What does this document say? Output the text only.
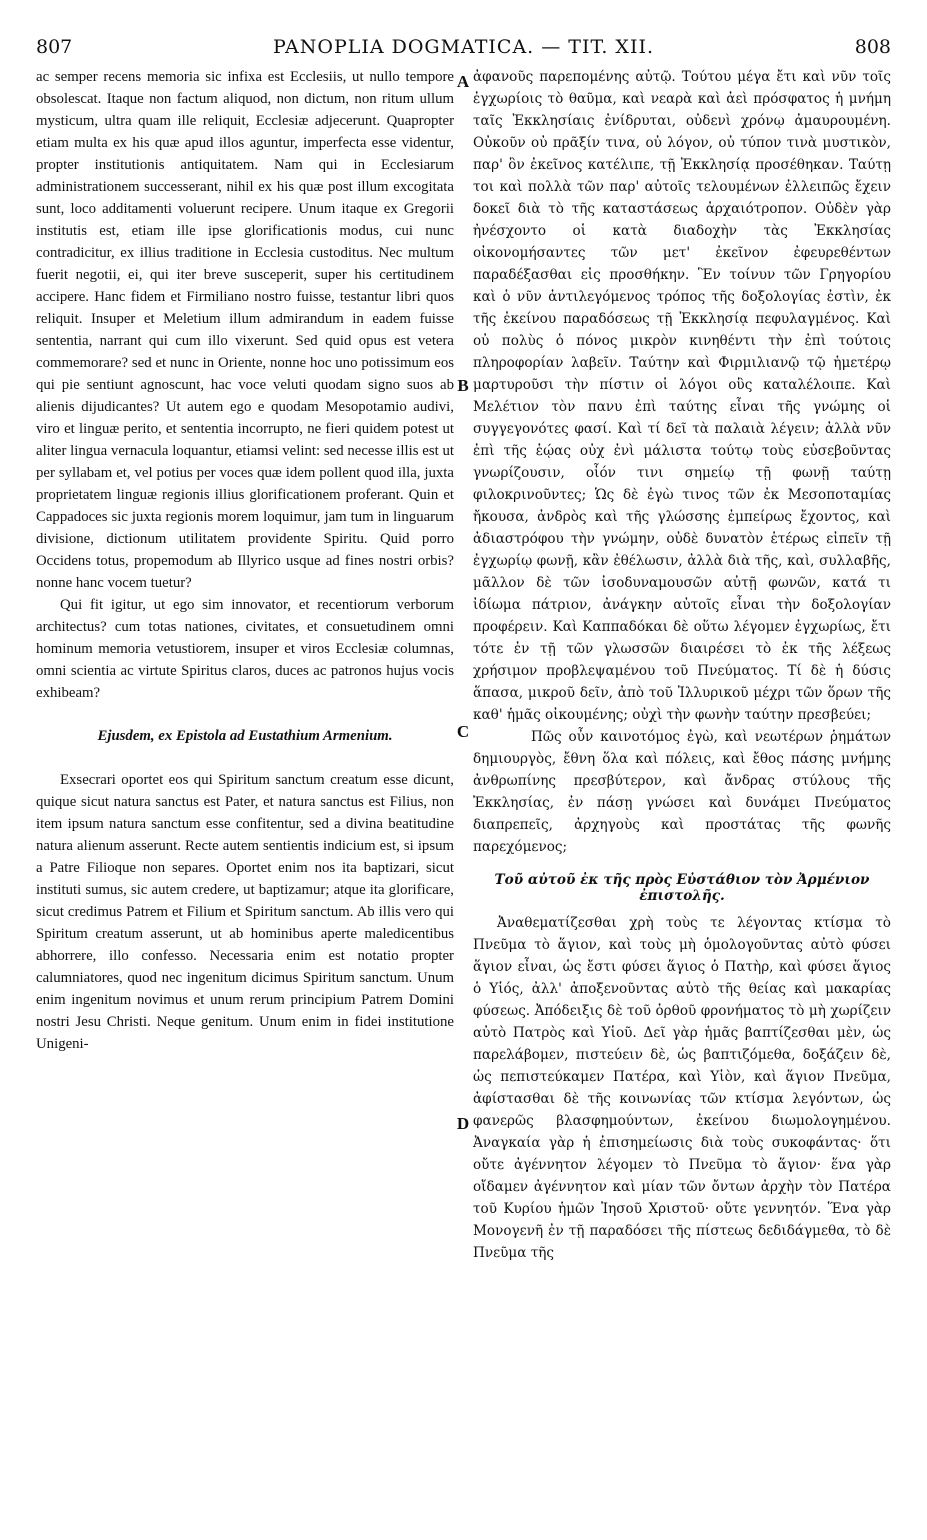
807	PANOPLIA DOGMATICA. — TIT. XII.	808

ac semper recens memoria sic infixa est Ecclesiis, ut nullo tempore obsolescat. Itaque non factum aliquod, non dictum, non ritum ullum mysticum, ultra quam ille reliquit, Ecclesiæ adjecerunt. Quapropter etiam multa ex his quæ apud illos aguntur, imperfecta esse videntur, propter institutionis antiquitatem. Nam qui in Ecclesiarum administrationem successerant, nihil ex his quæ post illum excogitata sunt, loco additamenti voluerunt recipere. Unum itaque ex Gregorii institutis est, etiam ille ipse glorificationis modus, cui nunc contradicitur, ex illius traditione in Ecclesia custoditus. Nec multum fuerit negotii, ei, qui iter breve susceperit, super his certitudinem accipere. Hanc fidem et Firmiliano nostro fuisse, testantur libri quos reliquit. Insuper et Meletium illum admirandum in eadem fuisse sententia, narrant qui cum illo vixerunt. Sed quid opus est vetera commemorare? sed et nunc in Oriente, nonne hoc uno potissimum eos qui pie sentiunt agnoscunt, hac voce veluti quodam signo suos ab alienis dijudicantes? Ut autem ego e quodam Mesopotamio audivi, viro et linguæ perito, et sententia incorrupto, ne fieri quidem potest ut aliter lingua vernacula loquantur, etiamsi velint: sed necesse illis est ut per syllabam et, vel potius per voces quæ idem pollent quod illa, juxta proprietatem linguæ regionis illius glorificationem proferant. Quin et Cappadoces sic juxta regionis morem loquimur, jam tum in linguarum divisione, dictionum utilitatem providente Spiritu. Quid porro Occidens totus, propemodum ab Illyrico usque ad fines nostri orbis? nonne hanc vocem tuetur?

Qui fit igitur, ut ego sim innovator, et recentiorum verborum architectus? cum totas nationes, civitates, et consuetudinem omni hominum memoria vetustiorem, insuper et viros Ecclesiæ columnas, omni scientia ac virtute Spiritus claros, duces ac patronos hujus vocis exhibeam?

Ejusdem, ex Epistola ad Eustathium Armenium.

Exsecrari oportet eos qui Spiritum sanctum creatum esse dicunt, quique sicut natura sanctus est Pater, et natura sanctus est Filius, non item ipsum natura sanctum esse confitentur, sed a divina beatitudine natura alienum asserunt. Recte autem sentientis indicium est, si ipsum a Patre Filioque non separes. Oportet enim nos ita baptizari, sicut instituti sumus, sic autem credere, ut baptizamur; atque ita glorificare, sicut credimus Patrem et Filium et Spiritum sanctum. Ab illis vero qui Spiritum creatum asserunt, ut ab hominibus aperte maledicentibus abhorrere, illo confesso. Necessaria enim est notatio propter calumniatores, quod nec ingenitum dicimus Spiritum sanctum. Unum enim ingenitum novimus et unum rerum principium Patrem Domini nostri Jesu Christi. Neque genitum. Unum enim in fidei institutione Unigeni-

A
B
C
D

ἀφανοῦς παρεπομένης αὐτῷ. Τούτου μέγα ἔτι καὶ νῦν τοῖς ἐγχωρίοις τὸ θαῦμα, καὶ νεαρὰ καὶ ἀεὶ πρόσφατος ἡ μνήμη ταῖς Ἐκκλησίαις ἐνίδρυται, οὐδενὶ χρόνῳ ἀμαυρουμένη. Οὐκοῦν οὐ πρᾶξίν τινα, οὐ λόγον, οὐ τύπον τινὰ μυστικὸν, παρ' ὃν ἐκεῖνος κατέλιπε, τῇ Ἐκκλησίᾳ προσέθηκαν. Ταύτῃ τοι καὶ πολλὰ τῶν παρ' αὐτοῖς τελουμένων ἐλλειπῶς ἔχειν δοκεῖ διὰ τὸ τῆς καταστάσεως ἀρχαιότροπον. Οὐδὲν γὰρ ἠνέσχοντο οἱ κατὰ διαδοχὴν τὰς Ἐκκλησίας οἰκονομήσαντες τῶν μετ' ἐκεῖνον ἐφευρεθέντων παραδέξασθαι εἰς προσθήκην. Ἓν τοίνυν τῶν Γρηγορίου καὶ ὁ νῦν ἀντιλεγόμενος τρόπος τῆς δοξολογίας ἐστὶν, ἐκ τῆς ἐκείνου παραδόσεως τῇ Ἐκκλησίᾳ πεφυλαγμένος. Καὶ οὐ πολὺς ὁ πόνος μικρὸν κινηθέντι τὴν ἐπὶ τούτοις πληροφορίαν λαβεῖν. Ταύτην καὶ Φιρμιλιανῷ τῷ ἡμετέρῳ μαρτυροῦσι τὴν πίστιν οἱ λόγοι οὓς καταλέλοιπε. Καὶ Μελέτιον τὸν πανυ ἐπὶ ταύτης εἶναι τῆς γνώμης οἱ συγγεγονότες φασί. Καὶ τί δεῖ τὰ παλαιὰ λέγειν; ἀλλὰ νῦν ἐπὶ τῆς ἑῴας οὐχ ἐνὶ μάλιστα τούτῳ τοὺς εὐσεβοῦντας γνωρίζουσιν, οἷόν τινι σημείῳ τῇ φωνῇ ταύτῃ φιλοκρινοῦντες; Ὡς δὲ ἐγὼ τινος τῶν ἐκ Μεσοποταμίας ἤκουσα, ἀνδρὸς καὶ τῆς γλώσσης ἐμπείρως ἔχοντος, καὶ ἀδιαστρόφου τὴν γνώμην, οὐδὲ δυνατὸν ἑτέρως εἰπεῖν τῇ ἐγχωρίῳ φωνῇ, κἂν ἐθέλωσιν, ἀλλὰ διὰ τῆς, καὶ, συλλαβῆς, μᾶλλον δὲ τῶν ἰσοδυναμουσῶν αὐτῇ φωνῶν, κατά τι ἰδίωμα πάτριον, ἀνάγκην αὐτοῖς εἶναι τὴν δοξολογίαν προφέρειν. Καὶ Καππαδόκαι δὲ οὕτω λέγομεν ἐγχωρίως, ἔτι τότε ἐν τῇ τῶν γλωσσῶν διαιρέσει τὸ ἐκ τῆς λέξεως χρήσιμον προβλεψαμένου τοῦ Πνεύματος. Τί δὲ ἡ δύσις ἅπασα, μικροῦ δεῖν, ἀπὸ τοῦ Ἰλλυρικοῦ μέχρι τῶν ὅρων τῆς καθ' ἡμᾶς οἰκουμένης; οὐχὶ τὴν φωνὴν ταύτην πρεσβεύει;

Πῶς οὖν καινοτόμος ἐγὼ, καὶ νεωτέρων ῥημάτων δημιουργὸς, ἔθνη ὅλα καὶ πόλεις, καὶ ἔθος πάσης μνήμης ἀνθρωπίνης πρεσβύτερον, καὶ ἄνδρας στύλους τῆς Ἐκκλησίας, ἐν πάσῃ γνώσει καὶ δυνάμει Πνεύματος διαπρεπεῖς, ἀρχηγοὺς καὶ προστάτας τῆς φωνῆς παρεχόμενος;

Τοῦ αὐτοῦ ἐκ τῆς πρὸς Εὐστάθιον τὸν Ἀρμένιον ἐπιστολῆς.

Ἀναθεματίζεσθαι χρὴ τοὺς τε λέγοντας κτίσμα τὸ Πνεῦμα τὸ ἅγιον, καὶ τοὺς μὴ ὁμολογοῦντας αὐτὸ φύσει ἅγιον εἶναι, ὡς ἔστι φύσει ἅγιος ὁ Πατὴρ, καὶ φύσει ἅγιος ὁ Υἱός, ἀλλ' ἀποξενοῦντας αὐτὸ τῆς θείας καὶ μακαρίας φύσεως. Ἀπόδειξις δὲ τοῦ ὀρθοῦ φρονήματος τὸ μὴ χωρίζειν αὐτὸ Πατρὸς καὶ Υἱοῦ. Δεῖ γὰρ ἡμᾶς βαπτίζεσθαι μὲν, ὡς παρελάβομεν, πιστεύειν δὲ, ὡς βαπτιζόμεθα, δοξάζειν δὲ, ὡς πεπιστεύκαμεν Πατέρα, καὶ Υἱὸν, καὶ ἅγιον Πνεῦμα, ἀφίστασθαι δὲ τῆς κοινωνίας τῶν κτίσμα λεγόντων, ὡς φανερῶς βλασφημούντων, ἐκείνου διωμολογημένου. Ἀναγκαία γὰρ ἡ ἐπισημείωσις διὰ τοὺς συκοφάντας· ὅτι οὔτε ἀγέννητον λέγομεν τὸ Πνεῦμα τὸ ἅγιον· ἕνα γὰρ οἴδαμεν ἀγέννητον καὶ μίαν τῶν ὄντων ἀρχὴν τὸν Πατέρα τοῦ Κυρίου ἡμῶν Ἰησοῦ Χριστοῦ· οὔτε γεννητόν. Ἕνα γὰρ Μονογενῆ ἐν τῇ παραδόσει τῆς πίστεως δεδιδάγμεθα, τὸ δὲ Πνεῦμα τῆς
